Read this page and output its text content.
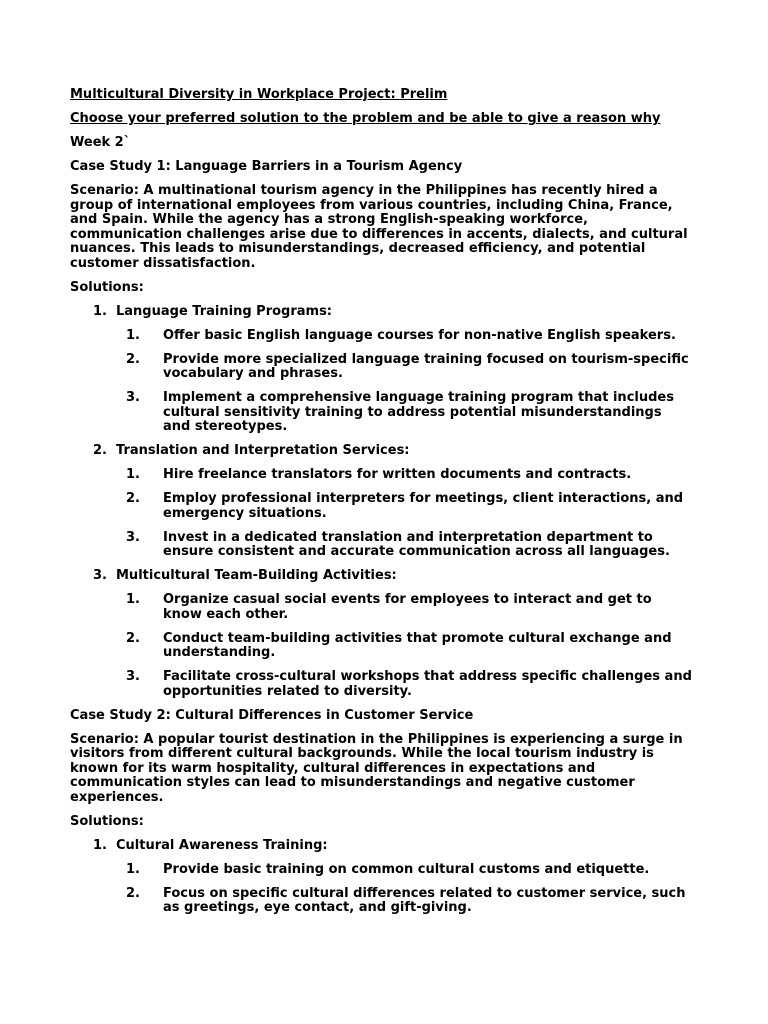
Multicultural Diversity in Workplace Project: Prelim

Choose your preferred solution to the problem and be able to give a reason why

Week 2`

Case Study 1: Language Barriers in a Tourism Agency

Scenario: A multinational tourism agency in the Philippines has recently hired a group of international employees from various countries, including China, France, and Spain. While the agency has a strong English-speaking workforce, communication challenges arise due to differences in accents, dialects, and cultural nuances. This leads to misunderstandings, decreased efficiency, and potential customer dissatisfaction.

Solutions:

1. Language Training Programs:
1.	Offer basic English language courses for non-native English speakers.
2.	Provide more specialized language training focused on tourism-specific vocabulary and phrases.
3.	Implement a comprehensive language training program that includes cultural sensitivity training to address potential misunderstandings and stereotypes.
2. Translation and Interpretation Services:
1.	Hire freelance translators for written documents and contracts.
2.	Employ professional interpreters for meetings, client interactions, and emergency situations.
3.	Invest in a dedicated translation and interpretation department to ensure consistent and accurate communication across all languages.
3. Multicultural Team-Building Activities:
1.	Organize casual social events for employees to interact and get to know each other.
2.	Conduct team-building activities that promote cultural exchange and understanding.
3.	Facilitate cross-cultural workshops that address specific challenges and opportunities related to diversity.

Case Study 2: Cultural Differences in Customer Service

Scenario: A popular tourist destination in the Philippines is experiencing a surge in visitors from different cultural backgrounds. While the local tourism industry is known for its warm hospitality, cultural differences in expectations and communication styles can lead to misunderstandings and negative customer experiences.

Solutions:

1. Cultural Awareness Training:
1.	Provide basic training on common cultural customs and etiquette.
2.	Focus on specific cultural differences related to customer service, such as greetings, eye contact, and gift-giving.
